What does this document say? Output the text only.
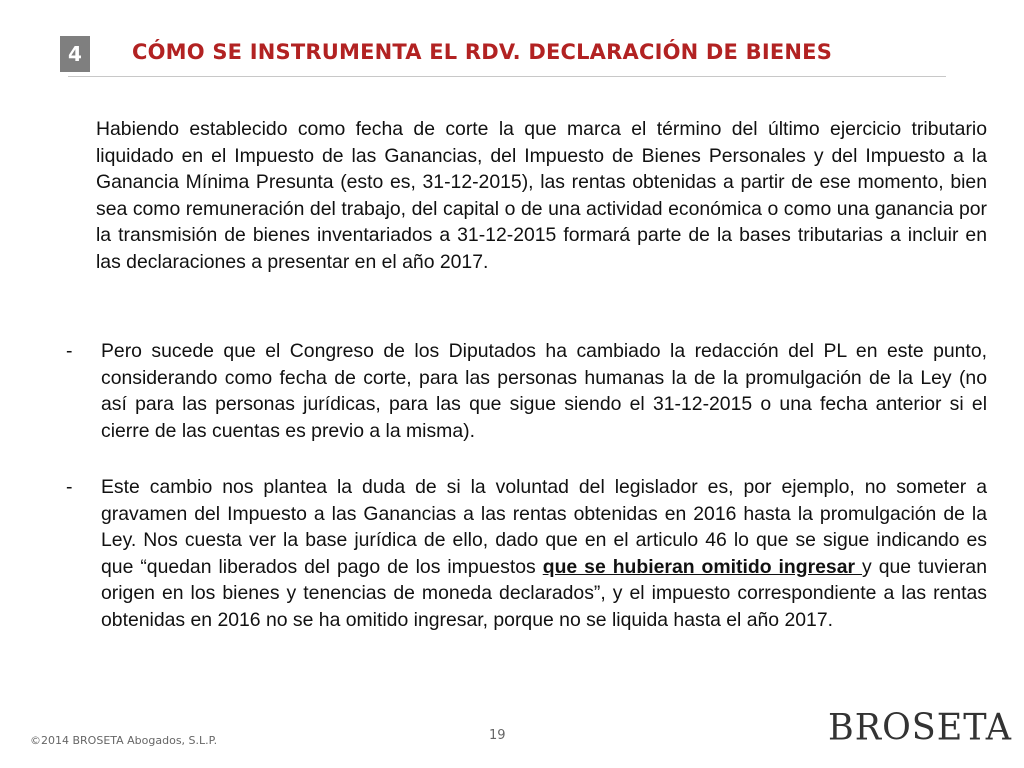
4	CÓMO SE INSTRUMENTA EL RDV. DECLARACIÓN DE BIENES
Habiendo establecido como fecha de corte la que marca el término del último ejercicio tributario liquidado en el Impuesto de las Ganancias, del Impuesto de Bienes Personales y del Impuesto a la Ganancia Mínima Presunta (esto es, 31-12-2015), las rentas obtenidas a partir de ese momento, bien sea como remuneración del trabajo, del capital o de una actividad económica o como una ganancia por la transmisión de bienes inventariados a 31-12-2015 formará parte de la bases tributarias a incluir en las declaraciones a presentar en el año 2017.
- Pero sucede que el Congreso de los Diputados ha cambiado la redacción del PL en este punto, considerando como fecha de corte, para las personas humanas la de la promulgación de la Ley (no así para las personas jurídicas, para las que sigue siendo el 31-12-2015 o una fecha anterior si el cierre de las cuentas es previo a la misma).
- Este cambio nos plantea la duda de si la voluntad del legislador es, por ejemplo, no someter a gravamen del Impuesto a las Ganancias a las rentas obtenidas en 2016 hasta la promulgación de la Ley. Nos cuesta ver la base jurídica de ello, dado que en el articulo 46 lo que se sigue indicando es que “quedan liberados del pago de los impuestos que se hubieran omitido ingresar y que tuvieran origen en los bienes y tenencias de moneda declarados”, y el impuesto correspondiente a las rentas obtenidas en 2016 no se ha omitido ingresar, porque no se liquida hasta el año 2017.
©2014 BROSETA Abogados, S.L.P.	19	BROSETA
